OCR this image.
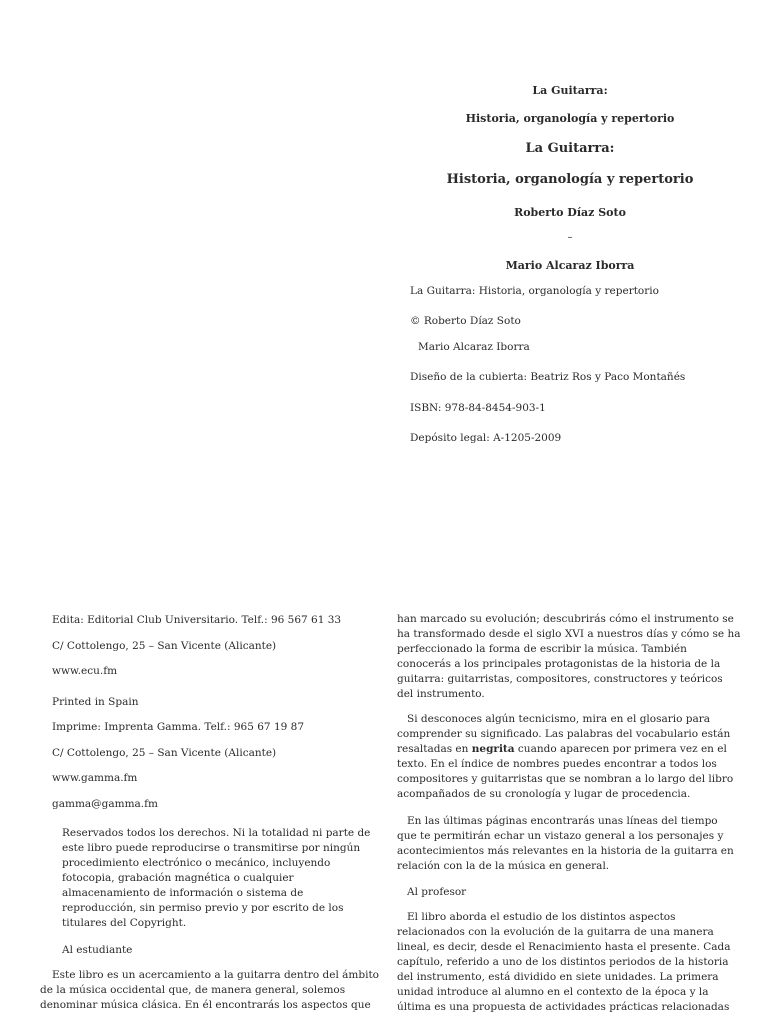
La Guitarra:
Historia, organología y repertorio
La Guitarra:
Historia, organología y repertorio
Roberto Díaz Soto
–
Mario Alcaraz Iborra
La Guitarra: Historia, organología y repertorio
© Roberto Díaz Soto
Mario Alcaraz Iborra
Diseño de la cubierta: Beatriz Ros y Paco Montañés
ISBN: 978-84-8454-903-1
Depósito legal: A-1205-2009
Edita: Editorial Club Universitario. Telf.: 96 567 61 33
C/ Cottolengo, 25 – San Vicente (Alicante)
www.ecu.fm
Printed in Spain
Imprime: Imprenta Gamma. Telf.: 965 67 19 87
C/ Cottolengo, 25 – San Vicente (Alicante)
www.gamma.fm
gamma@gamma.fm
Reservados todos los derechos. Ni la totalidad ni parte de
este libro puede reproducirse o transmitirse por ningún
procedimiento electrónico o mecánico, incluyendo
fotocopia, grabación magnética o cualquier
almacenamiento de información o sistema de
reproducción, sin permiso previo y por escrito de los
titulares del Copyright.
Al estudiante
Este libro es un acercamiento a la guitarra dentro del ámbito
de la música occidental que, de manera general, solemos
denominar música clásica. En él encontrarás los aspectos que
han marcado su evolución; descubrirás cómo el instrumento se
ha transformado desde el siglo XVI a nuestros días y cómo se ha
perfeccionado la forma de escribir la música. También
conocerás a los principales protagonistas de la historia de la
guitarra: guitarristas, compositores, constructores y teóricos
del instrumento.
Si desconoces algún tecnicismo, mira en el glosario para
comprender su significado. Las palabras del vocabulario están
resaltadas en negrita cuando aparecen por primera vez en el
texto. En el índice de nombres puedes encontrar a todos los
compositores y guitarristas que se nombran a lo largo del libro
acompañados de su cronología y lugar de procedencia.
En las últimas páginas encontrarás unas líneas del tiempo
que te permitirán echar un vistazo general a los personajes y
acontecimientos más relevantes en la historia de la guitarra en
relación con la de la música en general.
Al profesor
El libro aborda el estudio de los distintos aspectos
relacionados con la evolución de la guitarra de una manera
lineal, es decir, desde el Renacimiento hasta el presente. Cada
capítulo, referido a uno de los distintos periodos de la historia
del instrumento, está dividido en siete unidades. La primera
unidad introduce al alumno en el contexto de la época y la
última es una propuesta de actividades prácticas relacionadas
